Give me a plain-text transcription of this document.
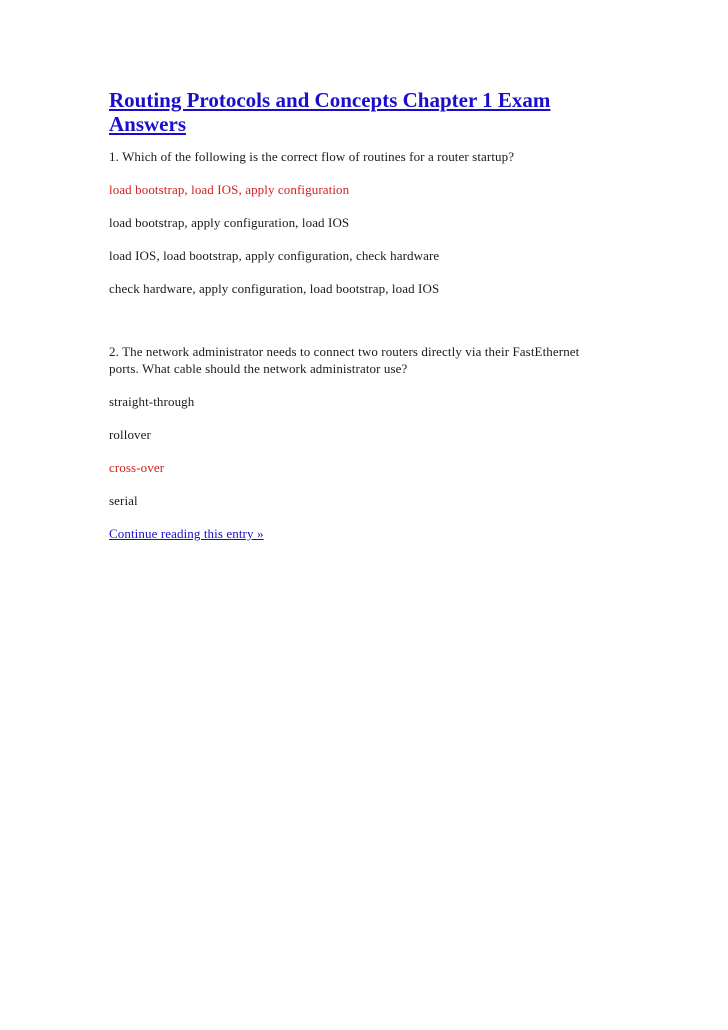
Routing Protocols and Concepts Chapter 1 Exam Answers

1. Which of the following is the correct flow of routines for a router startup?

load bootstrap, load IOS, apply configuration
load bootstrap, apply configuration, load IOS
load IOS, load bootstrap, apply configuration, check hardware
check hardware, apply configuration, load bootstrap, load IOS

2. The network administrator needs to connect two routers directly via their FastEthernet ports. What cable should the network administrator use?

straight-through
rollover
cross-over
serial
Continue reading this entry »
